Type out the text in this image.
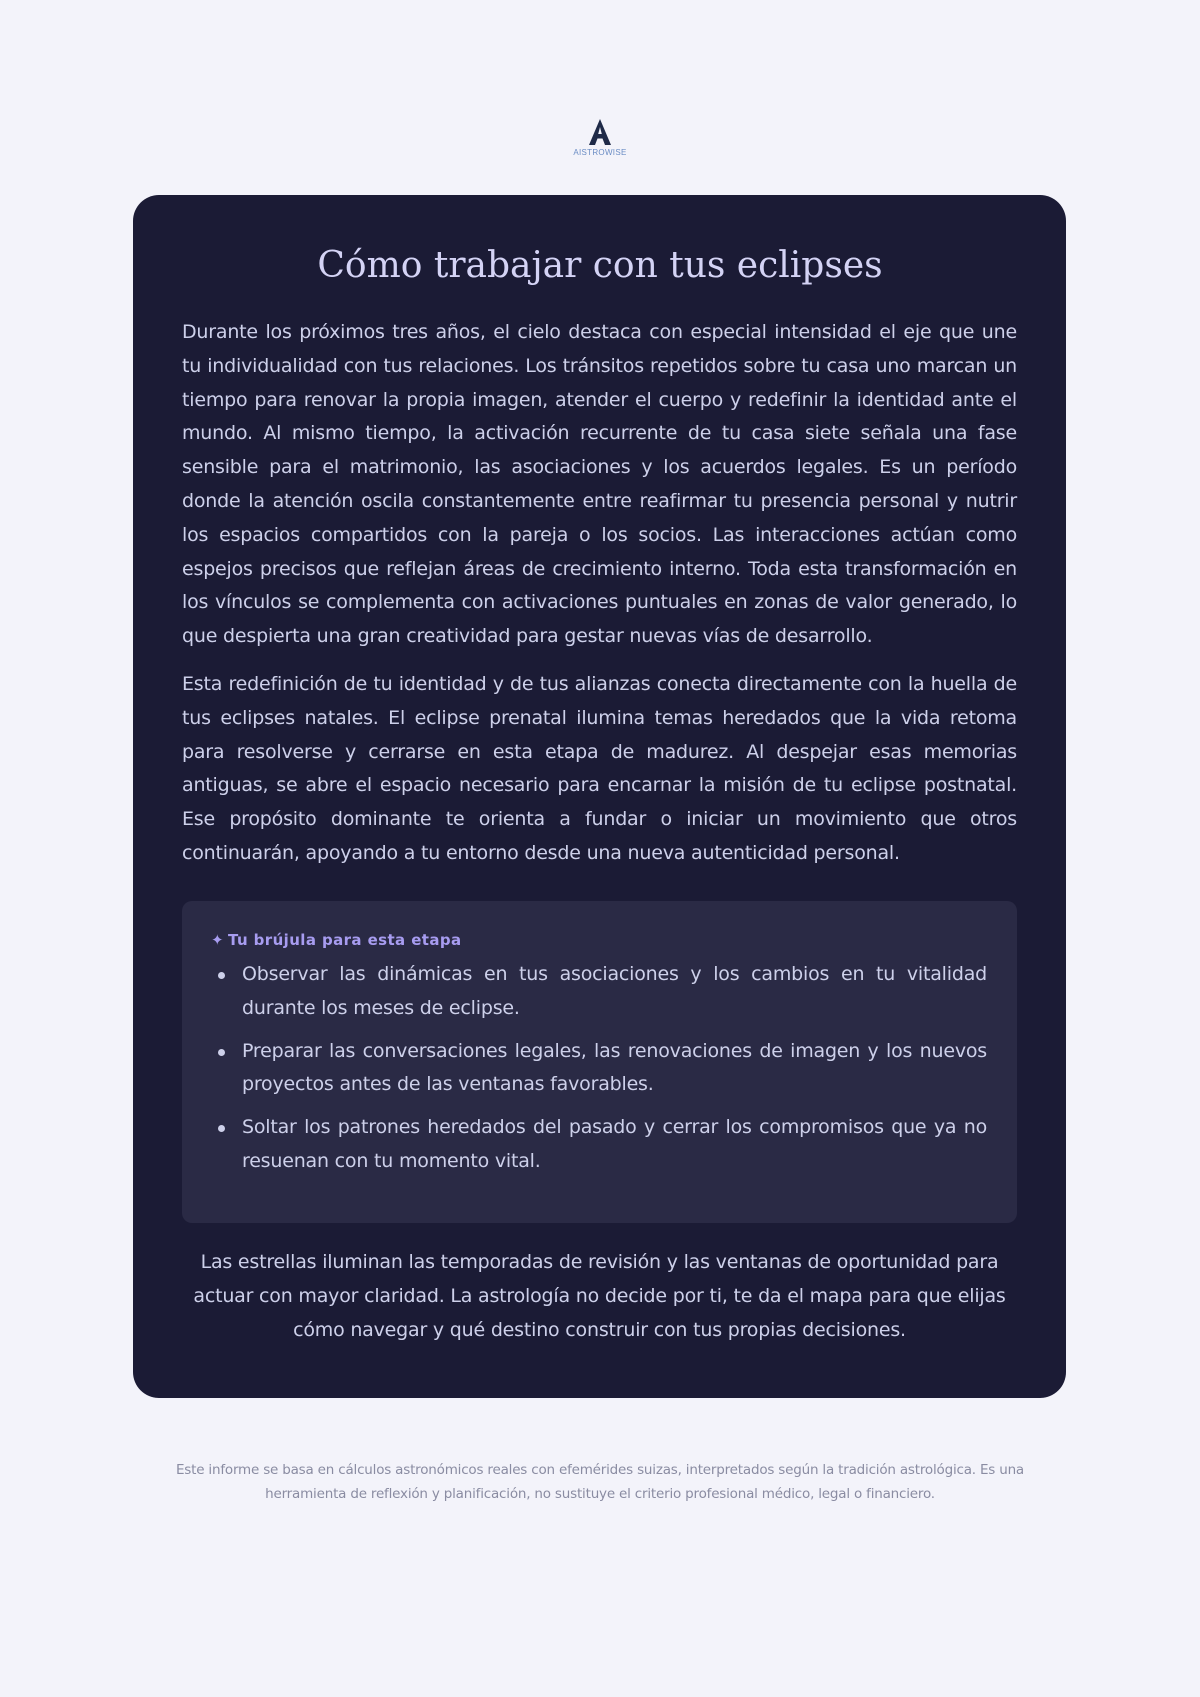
AISTROWISE
Cómo trabajar con tus eclipses

Durante los próximos tres años, el cielo destaca con especial intensidad el eje que une tu individualidad con tus relaciones. Los tránsitos repetidos sobre tu casa uno marcan un tiempo para renovar la propia imagen, atender el cuerpo y redefinir la identidad ante el mundo. Al mismo tiempo, la activación recurrente de tu casa siete señala una fase sensible para el matrimonio, las asociaciones y los acuerdos legales. Es un período donde la atención oscila constantemente entre reafirmar tu presencia personal y nutrir los espacios compartidos con la pareja o los socios. Las interacciones actúan como espejos precisos que reflejan áreas de crecimiento interno. Toda esta transformación en los vínculos se complementa con activaciones puntuales en zonas de valor generado, lo que despierta una gran creatividad para gestar nuevas vías de desarrollo.

Esta redefinición de tu identidad y de tus alianzas conecta directamente con la huella de tus eclipses natales. El eclipse prenatal ilumina temas heredados que la vida retoma para resolverse y cerrarse en esta etapa de madurez. Al despejar esas memorias antiguas, se abre el espacio necesario para encarnar la misión de tu eclipse postnatal. Ese propósito dominante te orienta a fundar o iniciar un movimiento que otros continuarán, apoyando a tu entorno desde una nueva autenticidad personal.

✦ Tu brújula para esta etapa

Observar las dinámicas en tus asociaciones y los cambios en tu vitalidad durante los meses de eclipse.
Preparar las conversaciones legales, las renovaciones de imagen y los nuevos proyectos antes de las ventanas favorables.
Soltar los patrones heredados del pasado y cerrar los compromisos que ya no resuenan con tu momento vital.

Las estrellas iluminan las temporadas de revisión y las ventanas de oportunidad para actuar con mayor claridad. La astrología no decide por ti, te da el mapa para que elijas cómo navegar y qué destino construir con tus propias decisiones.

Este informe se basa en cálculos astronómicos reales con efemérides suizas, interpretados según la tradición astrológica. Es una herramienta de reflexión y planificación, no sustituye el criterio profesional médico, legal o financiero.
